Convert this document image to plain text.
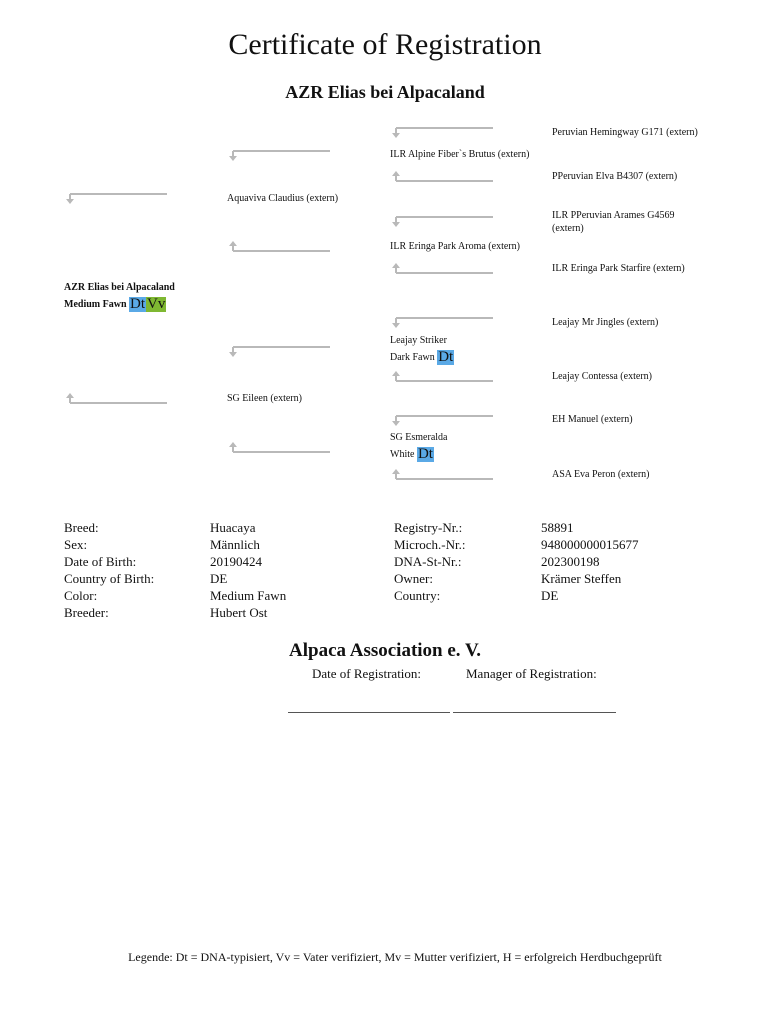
Certificate of Registration
AZR Elias bei Alpacaland
AZR Elias bei Alpacaland
Medium Fawn Dt Vv
Aquaviva Claudius (extern)
SG Eileen (extern)
ILR Alpine Fiber`s Brutus (extern)
ILR Eringa Park Aroma (extern)
Leajay Striker
Dark Fawn Dt
SG Esmeralda
White Dt
Peruvian Hemingway G171 (extern)
PPeruvian Elva B4307 (extern)
ILR PPeruvian Arames G4569 (extern)
ILR Eringa Park Starfire (extern)
Leajay Mr Jingles (extern)
Leajay Contessa (extern)
EH Manuel (extern)
ASA Eva Peron (extern)
Breed:
Sex:
Date of Birth:
Country of Birth:
Color:
Breeder:
Huacaya
Männlich
20190424
DE
Medium Fawn
Hubert Ost
Registry-Nr.:
Microch.-Nr.:
DNA-St-Nr.:
Owner:
Country:
58891
948000000015677
202300198
Krämer Steffen
DE
Alpaca Association e. V.
Date of Registration:	Manager of Registration:
Legende: Dt = DNA-typisiert, Vv = Vater verifiziert, Mv = Mutter verifiziert, H = erfolgreich Herdbuchgeprüft
